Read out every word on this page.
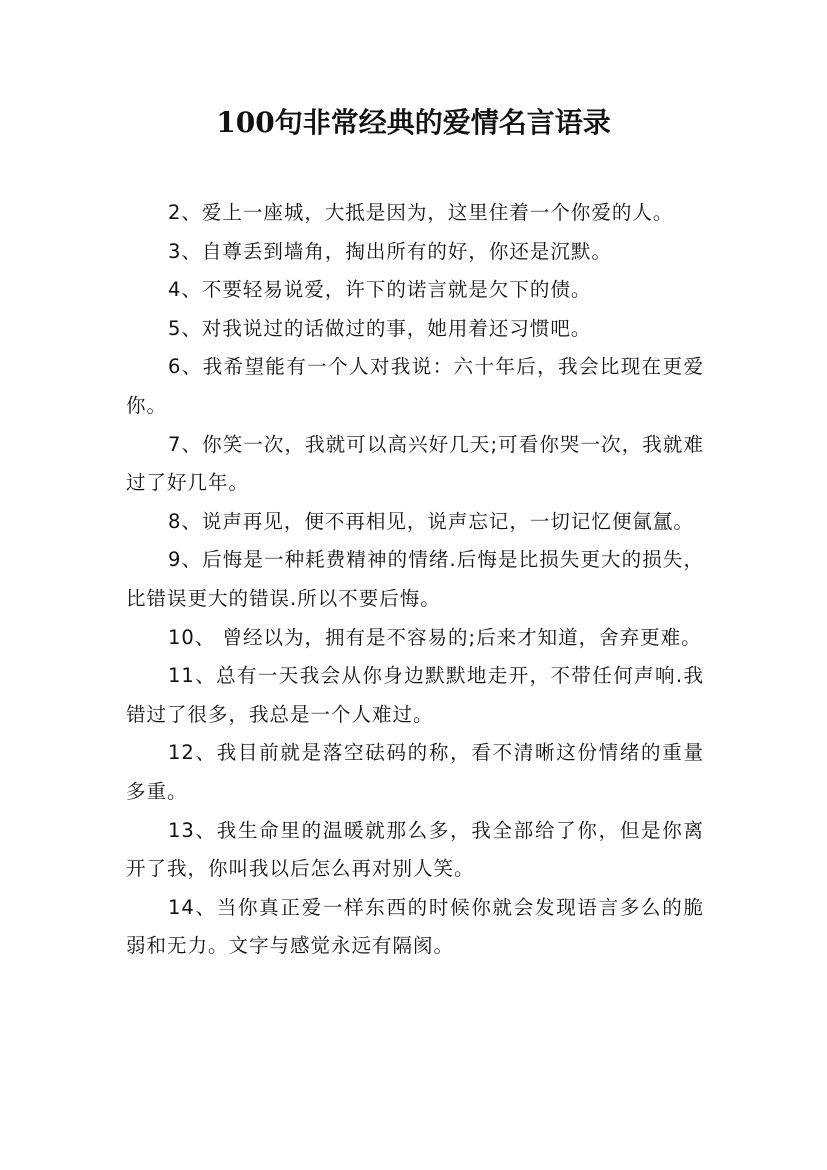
100句非常经典的爱情名言语录

2、爱上一座城，大抵是因为，这里住着一个你爱的人。

3、自尊丢到墙角，掏出所有的好，你还是沉默。

4、不要轻易说爱，许下的诺言就是欠下的债。

5、对我说过的话做过的事，她用着还习惯吧。

6、我希望能有一个人对我说：六十年后，我会比现在更爱你。

7、你笑一次，我就可以高兴好几天;可看你哭一次，我就难过了好几年。

8、说声再见，便不再相见，说声忘记，一切记忆便氤氲。

9、后悔是一种耗费精神的情绪.后悔是比损失更大的损失，比错误更大的错误.所以不要后悔。

10、 曾经以为，拥有是不容易的;后来才知道，舍弃更难。

11、总有一天我会从你身边默默地走开，不带任何声响.我错过了很多，我总是一个人难过。

12、我目前就是落空砝码的称，看不清晰这份情绪的重量多重。

13、我生命里的温暖就那么多，我全部给了你，但是你离开了我，你叫我以后怎么再对别人笑。

14、当你真正爱一样东西的时候你就会发现语言多么的脆弱和无力。文字与感觉永远有隔阂。
